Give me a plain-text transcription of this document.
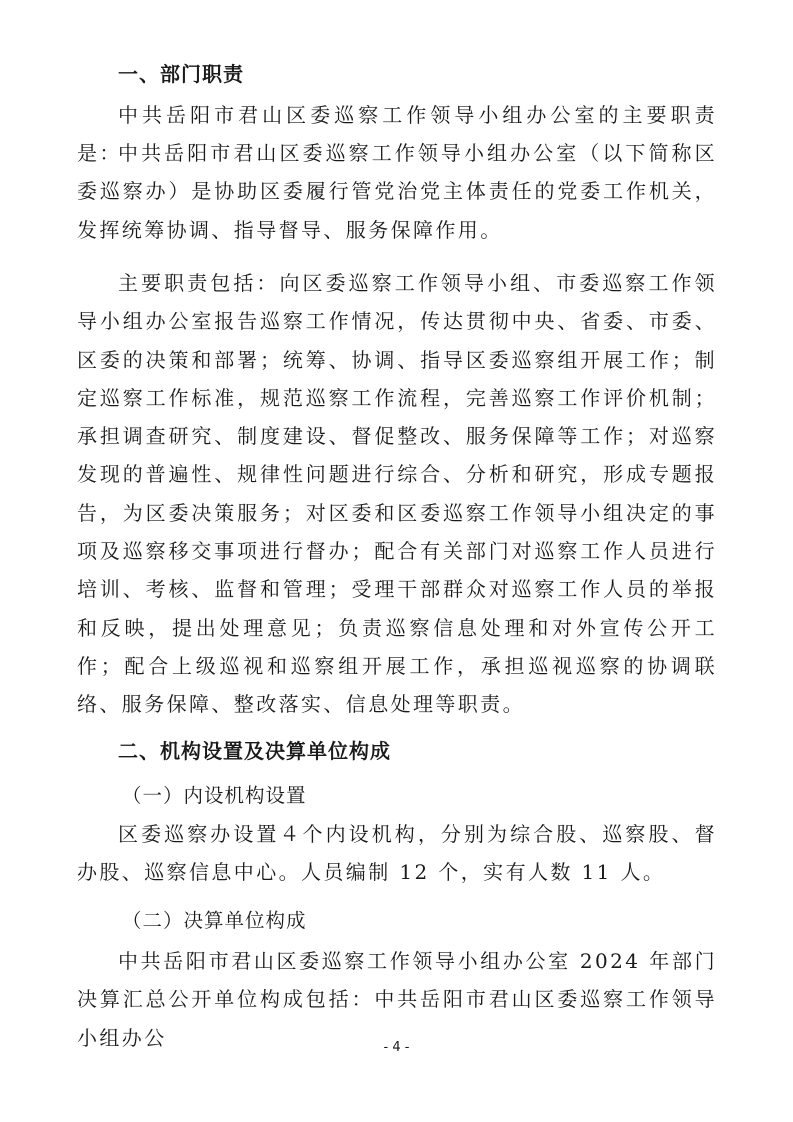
一、部门职责

中共岳阳市君山区委巡察工作领导小组办公室的主要职责是：

中共岳阳市君山区委巡察工作领导小组办公室（以下简称区委巡察办）是协助区委履行管党治党主体责任的党委工作机关，发挥统筹协调、指导督导、服务保障作用。

主要职责包括：向区委巡察工作领导小组、市委巡察工作领导小组办公室报告巡察工作情况，传达贯彻中央、省委、市委、区委的决策和部署；统筹、协调、指导区委巡察组开展工作；制定巡察工作标准，规范巡察工作流程，完善巡察工作评价机制；承担调查研究、制度建设、督促整改、服务保障等工作；对巡察发现的普遍性、规律性问题进行综合、分析和研究，形成专题报告，为区委决策服务；对区委和区委巡察工作领导小组决定的事项及巡察移交事项进行督办；配合有关部门对巡察工作人员进行培训、考核、监督和管理；受理干部群众对巡察工作人员的举报和反映，提出处理意见；负责巡察信息处理和对外宣传公开工作；配合上级巡视和巡察组开展工作，承担巡视巡察的协调联络、服务保障、整改落实、信息处理等职责。

二、机构设置及决算单位构成
（一）内设机构设置

区委巡察办设置４个内设机构，分别为综合股、巡察股、督办股、巡察信息中心。人员编制 12 个，实有人数 11 人。

（二）决算单位构成

中共岳阳市君山区委巡察工作领导小组办公室 2024 年部门决算汇总公开单位构成包括：中共岳阳市君山区委巡察工作领导小组办公	- 4 -
